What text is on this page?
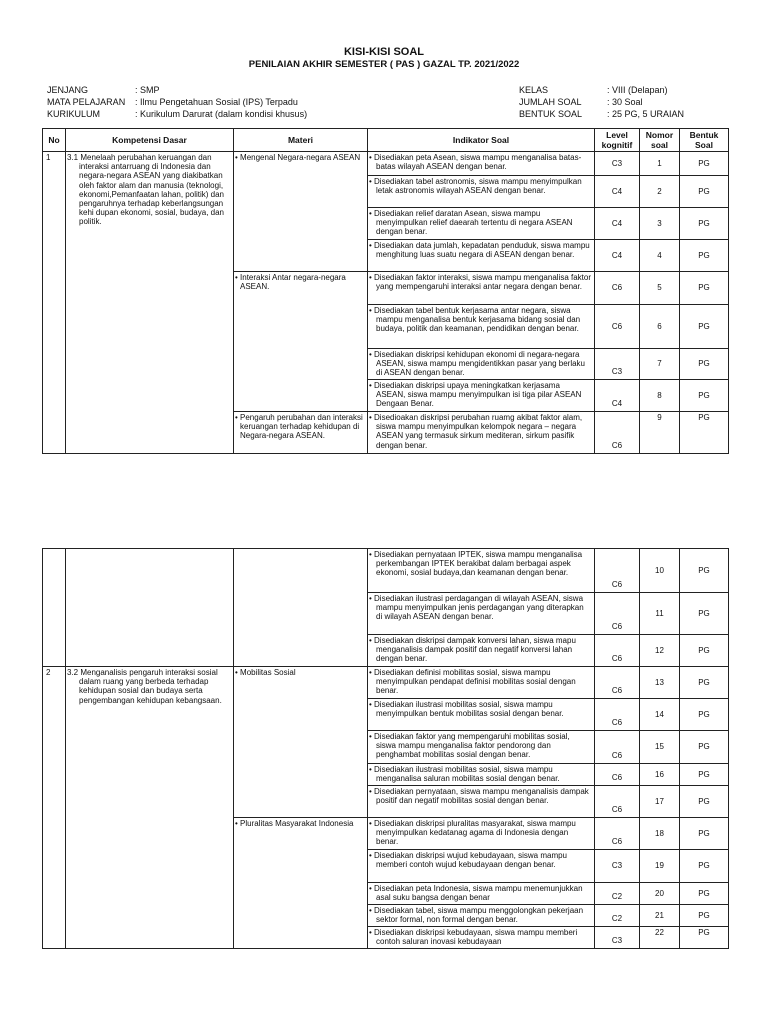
KISI-KISI SOAL
PENILAIAN AKHIR SEMESTER ( PAS ) GAZAL TP. 2021/2022
JENJANG	: SMP
MATA PELAJARAN : Ilmu Pengetahuan Sosial (IPS) Terpadu
KURIKULUM	: Kurikulum Darurat (dalam kondisi khusus)
KELAS	: VIII (Delapan)
JUMLAH SOAL	: 30 Soal
BENTUK SOAL	: 25 PG, 5 URAIAN
No	Kompetensi Dasar	Materi	Indikator Soal	Level kognitif	Nomor soal	Bentuk Soal
1	3.1 Menelaah perubahan keruangan dan interaksi antarruang di Indonesia dan negara-negara ASEAN yang diakibatkan oleh faktor alam dan manusia (teknologi, ekonomi,Pemanfaatan lahan, politik) dan pengaruhnya terhadap keberlangsungan kehi dupan ekonomi, sosial, budaya, dan politik.	• Mengenal Negara-negara ASEAN	• Disediakan peta Asean, siswa mampu menganalisa batas- batas wilayah ASEAN dengan benar.	C3	1	PG
			• Disediakan tabel astronomis, siswa mampu menyimpulkan letak astronomis wilayah ASEAN dengan benar.	C4	2	PG
			• Disediakan relief daratan Asean, siswa mampu menyimpulkan relief daearah tertentu di negara ASEAN dengan benar.	C4	3	PG
			• Disediakan data jumlah, kepadatan penduduk, siswa mampu menghitung luas suatu negara di ASEAN dengan benar.	C4	4	PG
		• Interaksi Antar negara-negara ASEAN.	• Disediakan faktor interaksi, siswa mampu menganalisa faktor yang mempengaruhi interaksi antar negara dengan benar.	C6	5	PG
			• Disediakan tabel bentuk kerjasama antar negara, siswa mampu menganalisa bentuk kerjasama bidang sosial dan budaya, politik dan keamanan, pendidikan dengan benar.	C6	6	PG
			• Disediakan diskripsi kehidupan ekonomi di negara-negara ASEAN, siswa mampu mengidentikkan pasar yang berlaku di ASEAN dengan benar.	C3	7	PG
			• Disediakan diskripsi upaya meningkatkan kerjasama ASEAN, siswa mampu menyimpulkan isi tiga pilar ASEAN Dengaan Benar.	C4	8	PG
		• Pengaruh perubahan dan interaksi keruangan terhadap kehidupan di Negara-negara ASEAN.	• Disedioakan diskripsi perubahan ruamg akibat faktor alam, siswa mampu menyimpulkan kelompok negara – negara ASEAN yang termasuk sirkum mediteran, sirkum pasifik dengan benar.	C6	9	PG
			• Disediakan pernyataan IPTEK, siswa mampu menganalisa perkembangan IPTEK berakibat dalam berbagai aspek ekonomi, sosial budaya,dan keamanan dengan benar.	C6	10	PG
			• Disediakan ilustrasi perdagangan di wilayah ASEAN, siswa mampu menyimpulkan jenis perdagangan yang diterapkan di wilayah ASEAN dengan benar.	C6	11	PG
			• Disediakan diskripsi dampak konversi lahan, siswa mapu menganalisis dampak positif dan negatif konversi lahan dengan benar.	C6	12	PG
2	3.2 Menganalisis pengaruh interaksi sosial dalam ruang yang berbeda terhadap kehidupan sosial dan budaya serta pengembangan kehidupan kebangsaan.	• Mobilitas Sosial	• Disediakan definisi mobilitas sosial, siswa mampu menyimpulkan pendapat definisi mobilitas sosial dengan benar.	C6	13	PG
			• Disediakan ilustrasi mobilitas sosial, siswa mampu menyimpulkan bentuk mobilitas sosial dengan benar.	C6	14	PG
			• Disediakan faktor yang mempengaruhi mobilitas sosial, siswa mampu menganalisa faktor pendorong dan penghambat mobilitas sosial dengan benar.	C6	15	PG
			• Disediakan ilustrasi mobilitas sosial, siswa mampu menganalisa saluran mobilitas sosial dengan benar.	C6	16	PG
			• Disediakan pernyataan, siswa mampu menganalisis dampak positif dan negatif mobilitas sosial dengan benar.	C6	17	PG
		• Pluralitas Masyarakat Indonesia	• Disediakan diskripsi pluralitas masyarakat, siswa mampu menyimpulkan kedatanag agama di Indonesia dengan benar.	C6	18	PG
			• Disediakan diskripsi wujud kebudayaan, siswa mampu memberi contoh wujud kebudayaan dengan benar.	C3	19	PG
			• Disediakan peta Indonesia, siswa mampu menemunjukkan asal suku bangsa dengan benar	C2	20	PG
			• Disediakan tabel, siswa mampu menggolongkan pekerjaan sektor formal, non formal dengan benar.	C2	21	PG
			• Disediakan diskripsi kebudayaan, siswa mampu memberi contoh saluran inovasi kebudayaan	C3	22	PG
